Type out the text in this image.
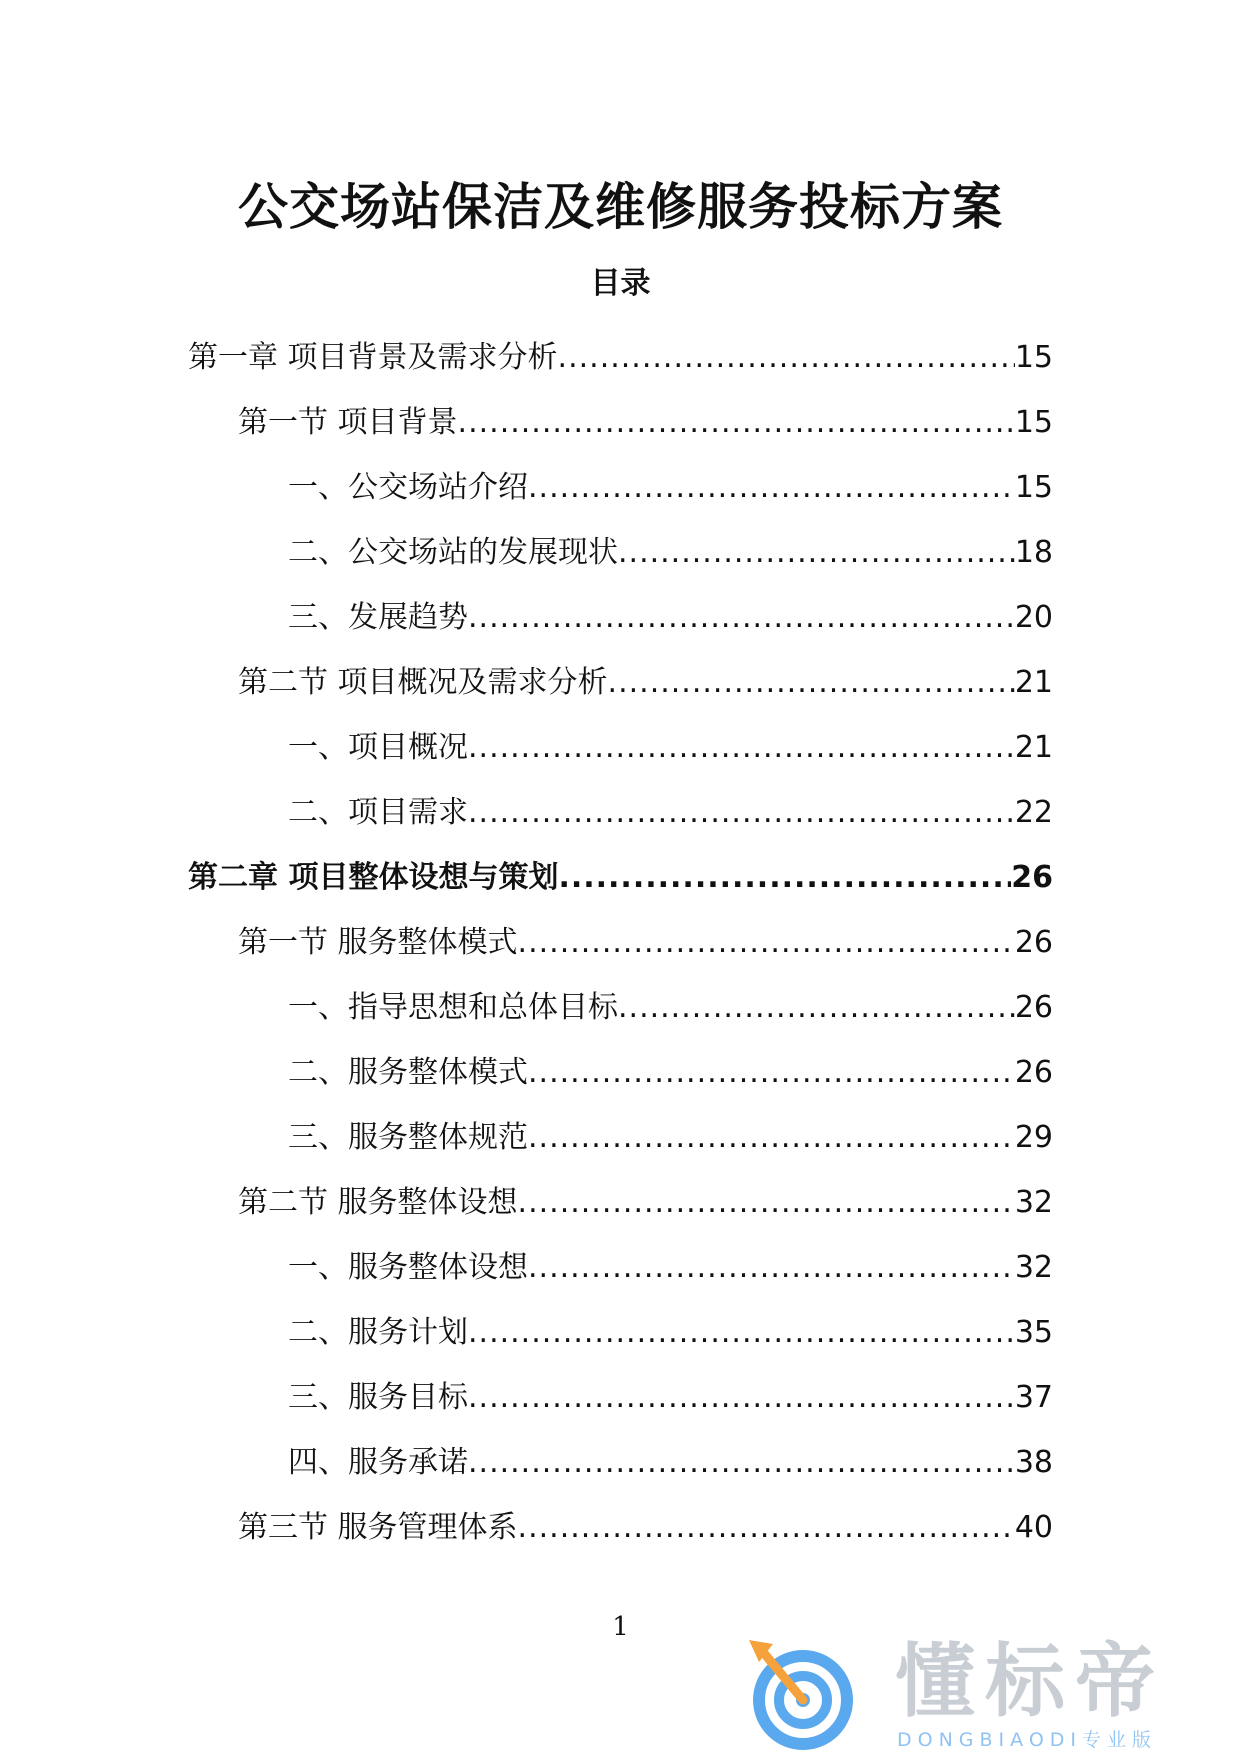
公交场站保洁及维修服务投标方案
目录
第一章 项目背景及需求分析 .....	15
第一节 项目背景 .....	15
一、公交场站介绍 .....	15
二、公交场站的发展现状 .....	18
三、发展趋势 .....	20
第二节 项目概况及需求分析 .....	21
一、项目概况 .....	21
二、项目需求 .....	22
第二章 项目整体设想与策划 .....	26
第一节 服务整体模式 .....	26
一、指导思想和总体目标 .....	26
二、服务整体模式 .....	26
三、服务整体规范 .....	29
第二节 服务整体设想 .....	32
一、服务整体设想 .....	32
二、服务计划 .....	35
三、服务目标 .....	37
四、服务承诺 .....	38
第三节 服务管理体系 .....	40
1
懂标帝
DONGBIAODI专业版
